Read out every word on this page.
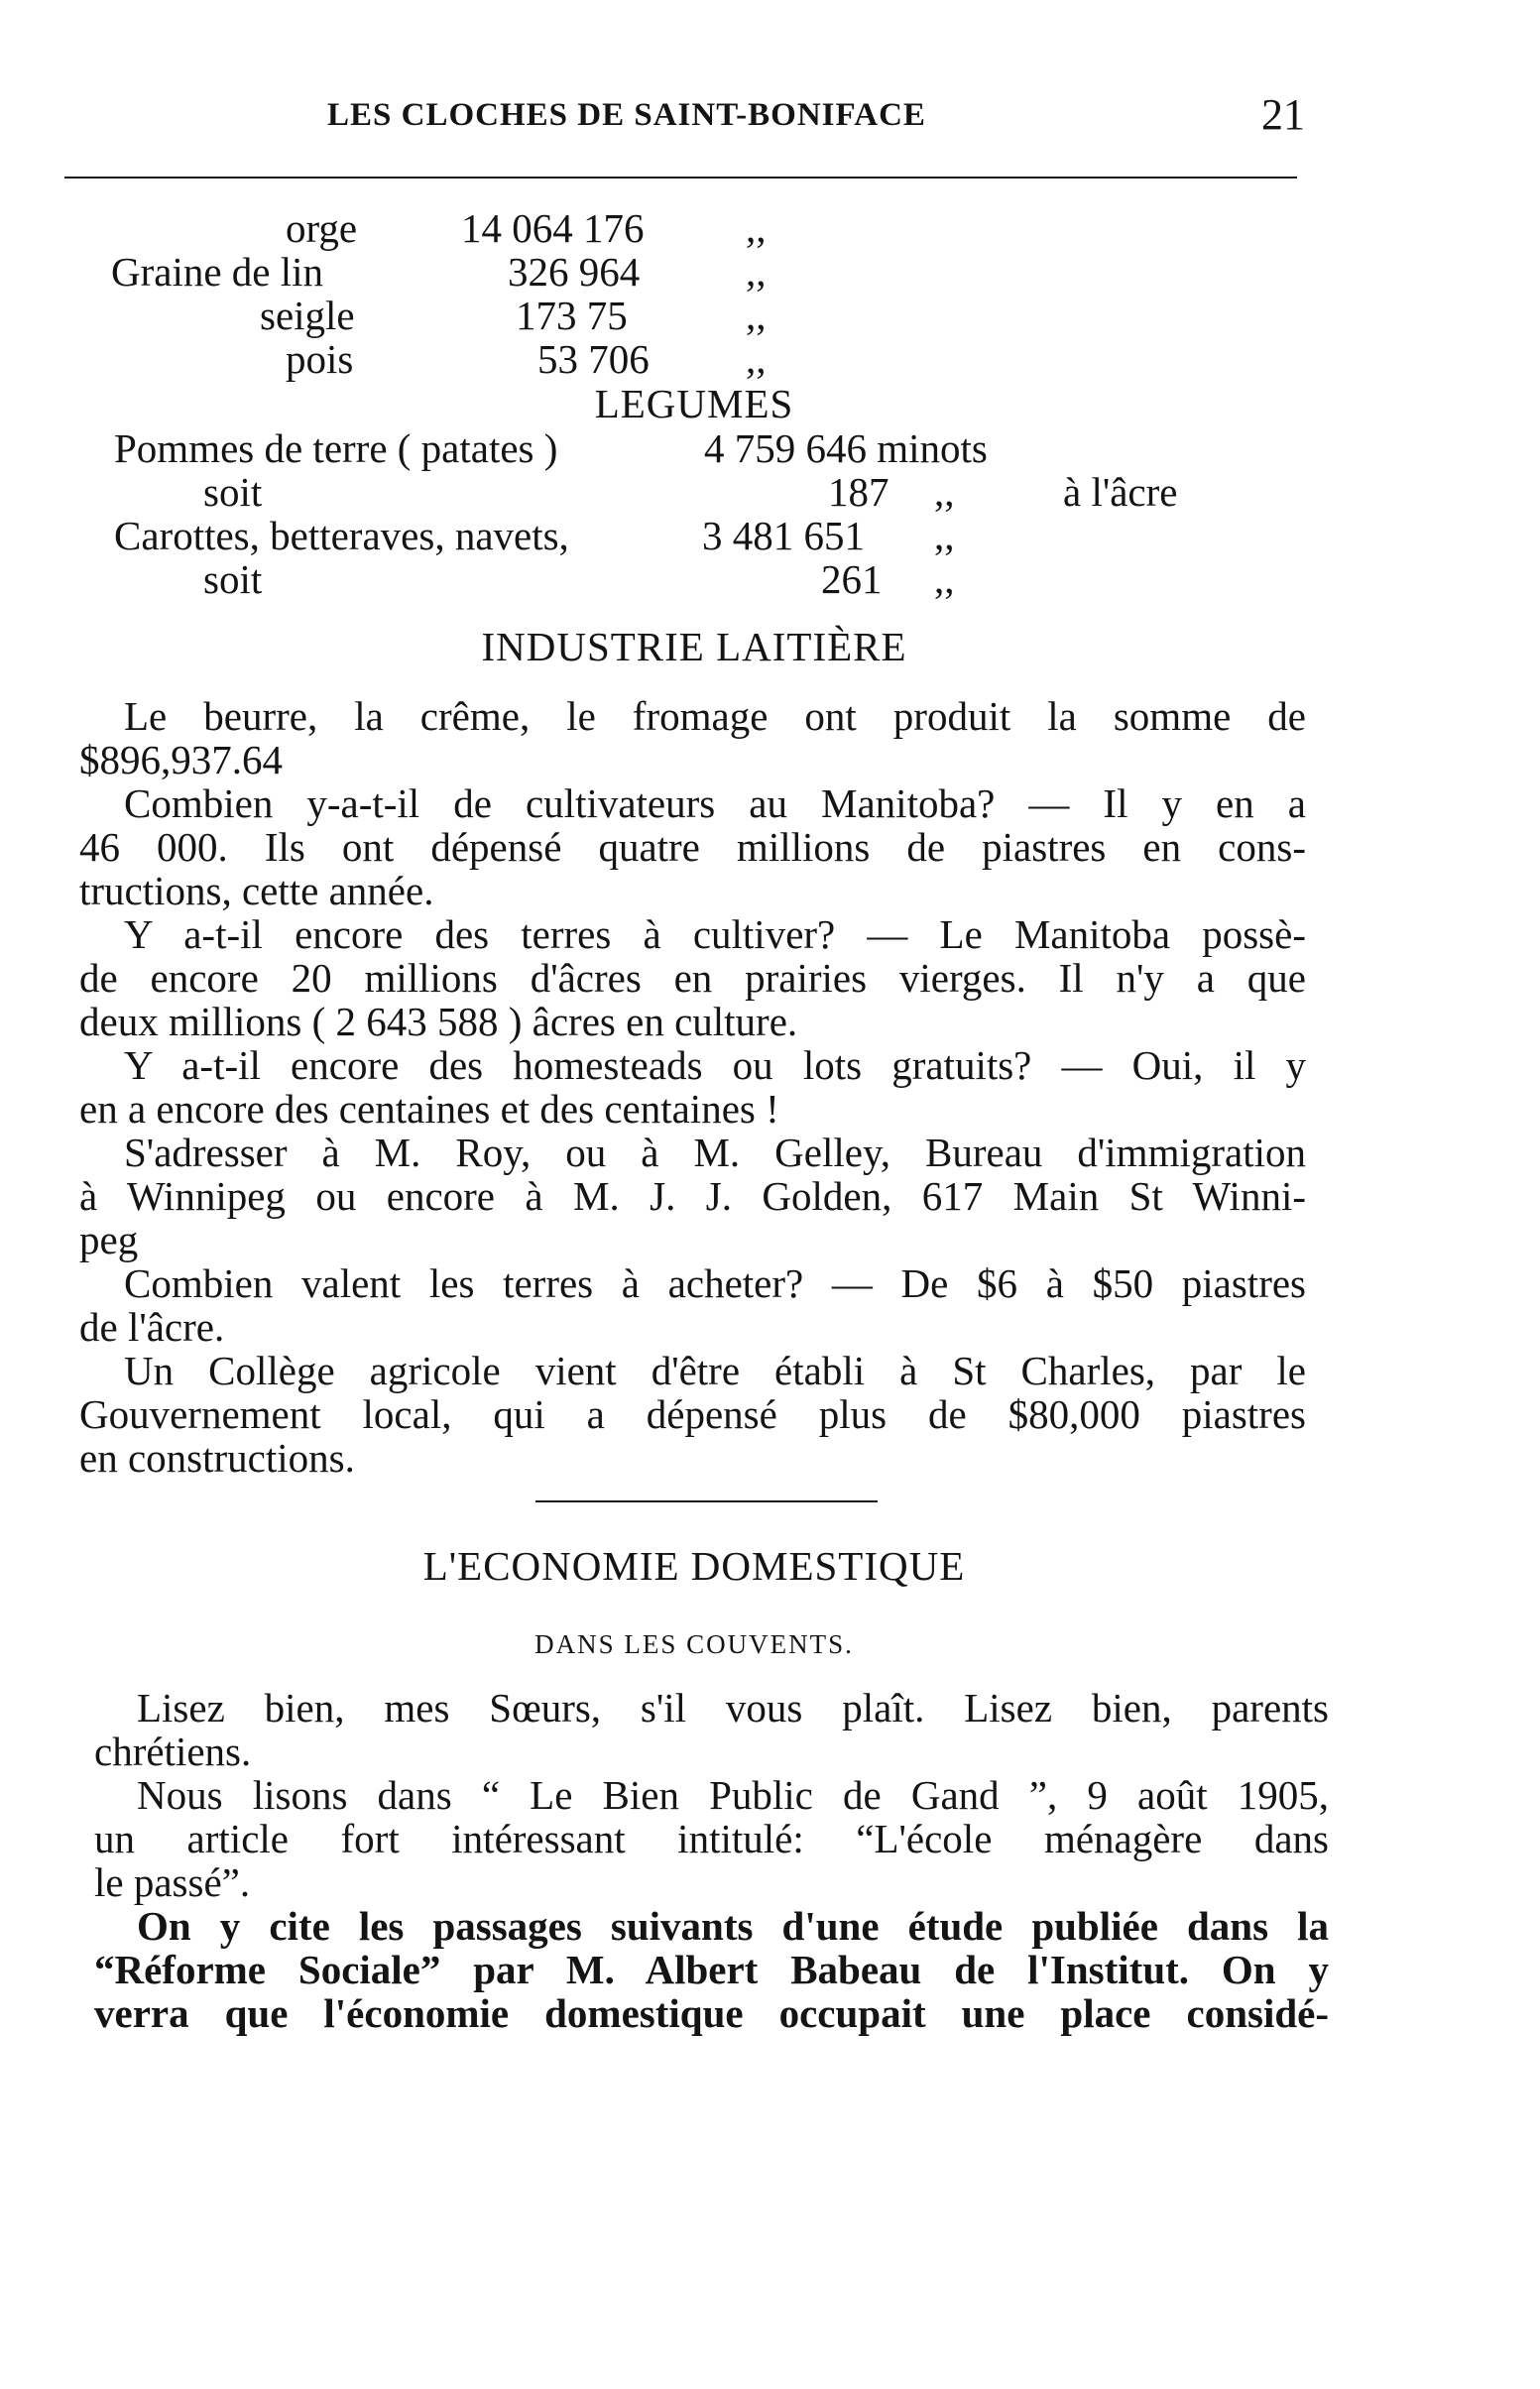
LES CLOCHES DE SAINT-BONIFACE	21
orge	14 064 176	,,
Graine de lin	326 964	,,
seigle	173 75	,,
pois	53 706 ,,
LEGUMES
Pommes de terre ( patates )	4 759 646 minots
soit	187 ,,	à l'âcre
Carottes, betteraves, navets,	3 481 651 ,,
soit	261 ,,
INDUSTRIE LAITIÈRE
Le beurre, la crême, le fromage ont produit la somme de
$896,937.64
Combien y-a-t-il de cultivateurs au Manitoba? — Il y en a
46 000. Ils ont dépensé quatre millions de piastres en cons-
tructions, cette année.
Y a-t-il encore des terres à cultiver? — Le Manitoba possè-
de encore 20 millions d'âcres en prairies vierges. Il n'y a que
deux millions ( 2 643 588 ) âcres en culture.
Y a-t-il encore des homesteads ou lots gratuits? — Oui, il y
en a encore des centaines et des centaines !
S'adresser à M. Roy, ou à M. Gelley, Bureau d'immigration
à Winnipeg ou encore à M. J. J. Golden, 617 Main St Winni-
peg
Combien valent les terres à acheter? — De $6 à $50 piastres
de l'âcre.
Un Collège agricole vient d'être établi à St Charles, par le
Gouvernement local, qui a dépensé plus de $80,000 piastres
en constructions.
L'ECONOMIE DOMESTIQUE
DANS LES COUVENTS.
Lisez bien, mes Sœurs, s'il vous plaît. Lisez bien, parents
chrétiens.
Nous lisons dans “ Le Bien Public de Gand ”, 9 août 1905,
un article fort intéressant intitulé: “L'école ménagère dans
le passé”.
On y cite les passages suivants d'une étude publiée dans la
“Réforme Sociale” par M. Albert Babeau de l'Institut. On y
verra que l'économie domestique occupait une place considé-
